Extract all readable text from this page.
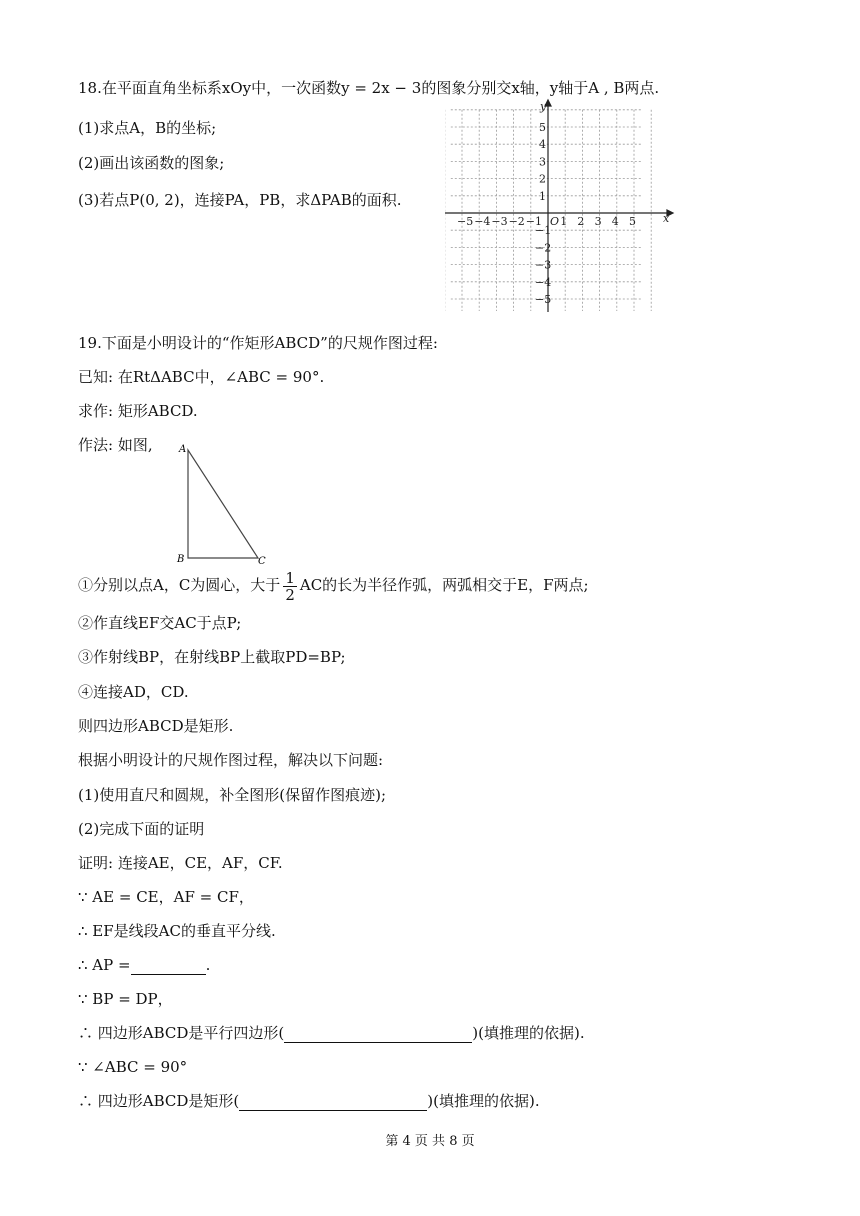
18.在平面直角坐标系xOy中，一次函数y = 2x − 3的图象分别交x轴，y轴于A , B两点.
(1)求点A，B的坐标;
(2)画出该函数的图象;
(3)若点P(0, 2)，连接PA，PB，求ΔPAB的面积.
x
y
O
−5 −4 −3 −2 −1 1 2 3 4 5
5
4
3
2
1
−1
−2
−3
−4
−5
19.下面是小明设计的“作矩形ABCD”的尺规作图过程:
已知: 在RtΔABC中，∠ABC = 90°.
求作: 矩形ABCD.
作法: 如图,	A
B	C
①分别以点A，C为圆心，大于 $\frac{1}{2}$ AC的长为半径作弧，两弧相交于E，F两点;
②作直线EF交AC于点P;
③作射线BP，在射线BP上截取PD=BP;
④连接AD，CD.
则四边形ABCD是矩形.
根据小明设计的尺规作图过程，解决以下问题:
(1)使用直尺和圆规，补全图形(保留作图痕迹);
(2)完成下面的证明
证明: 连接AE，CE，AF，CF.
∵ AE = CE，AF = CF，
∴ EF是线段AC的垂直平分线.
∴ AP =	.
∵ BP = DP，
∴ 四边形ABCD是平行四边形(	)(填推理的依据).
∵ ∠ABC = 90°
∴ 四边形ABCD是矩形(	)(填推理的依据).
第 4 页 共 8 页
